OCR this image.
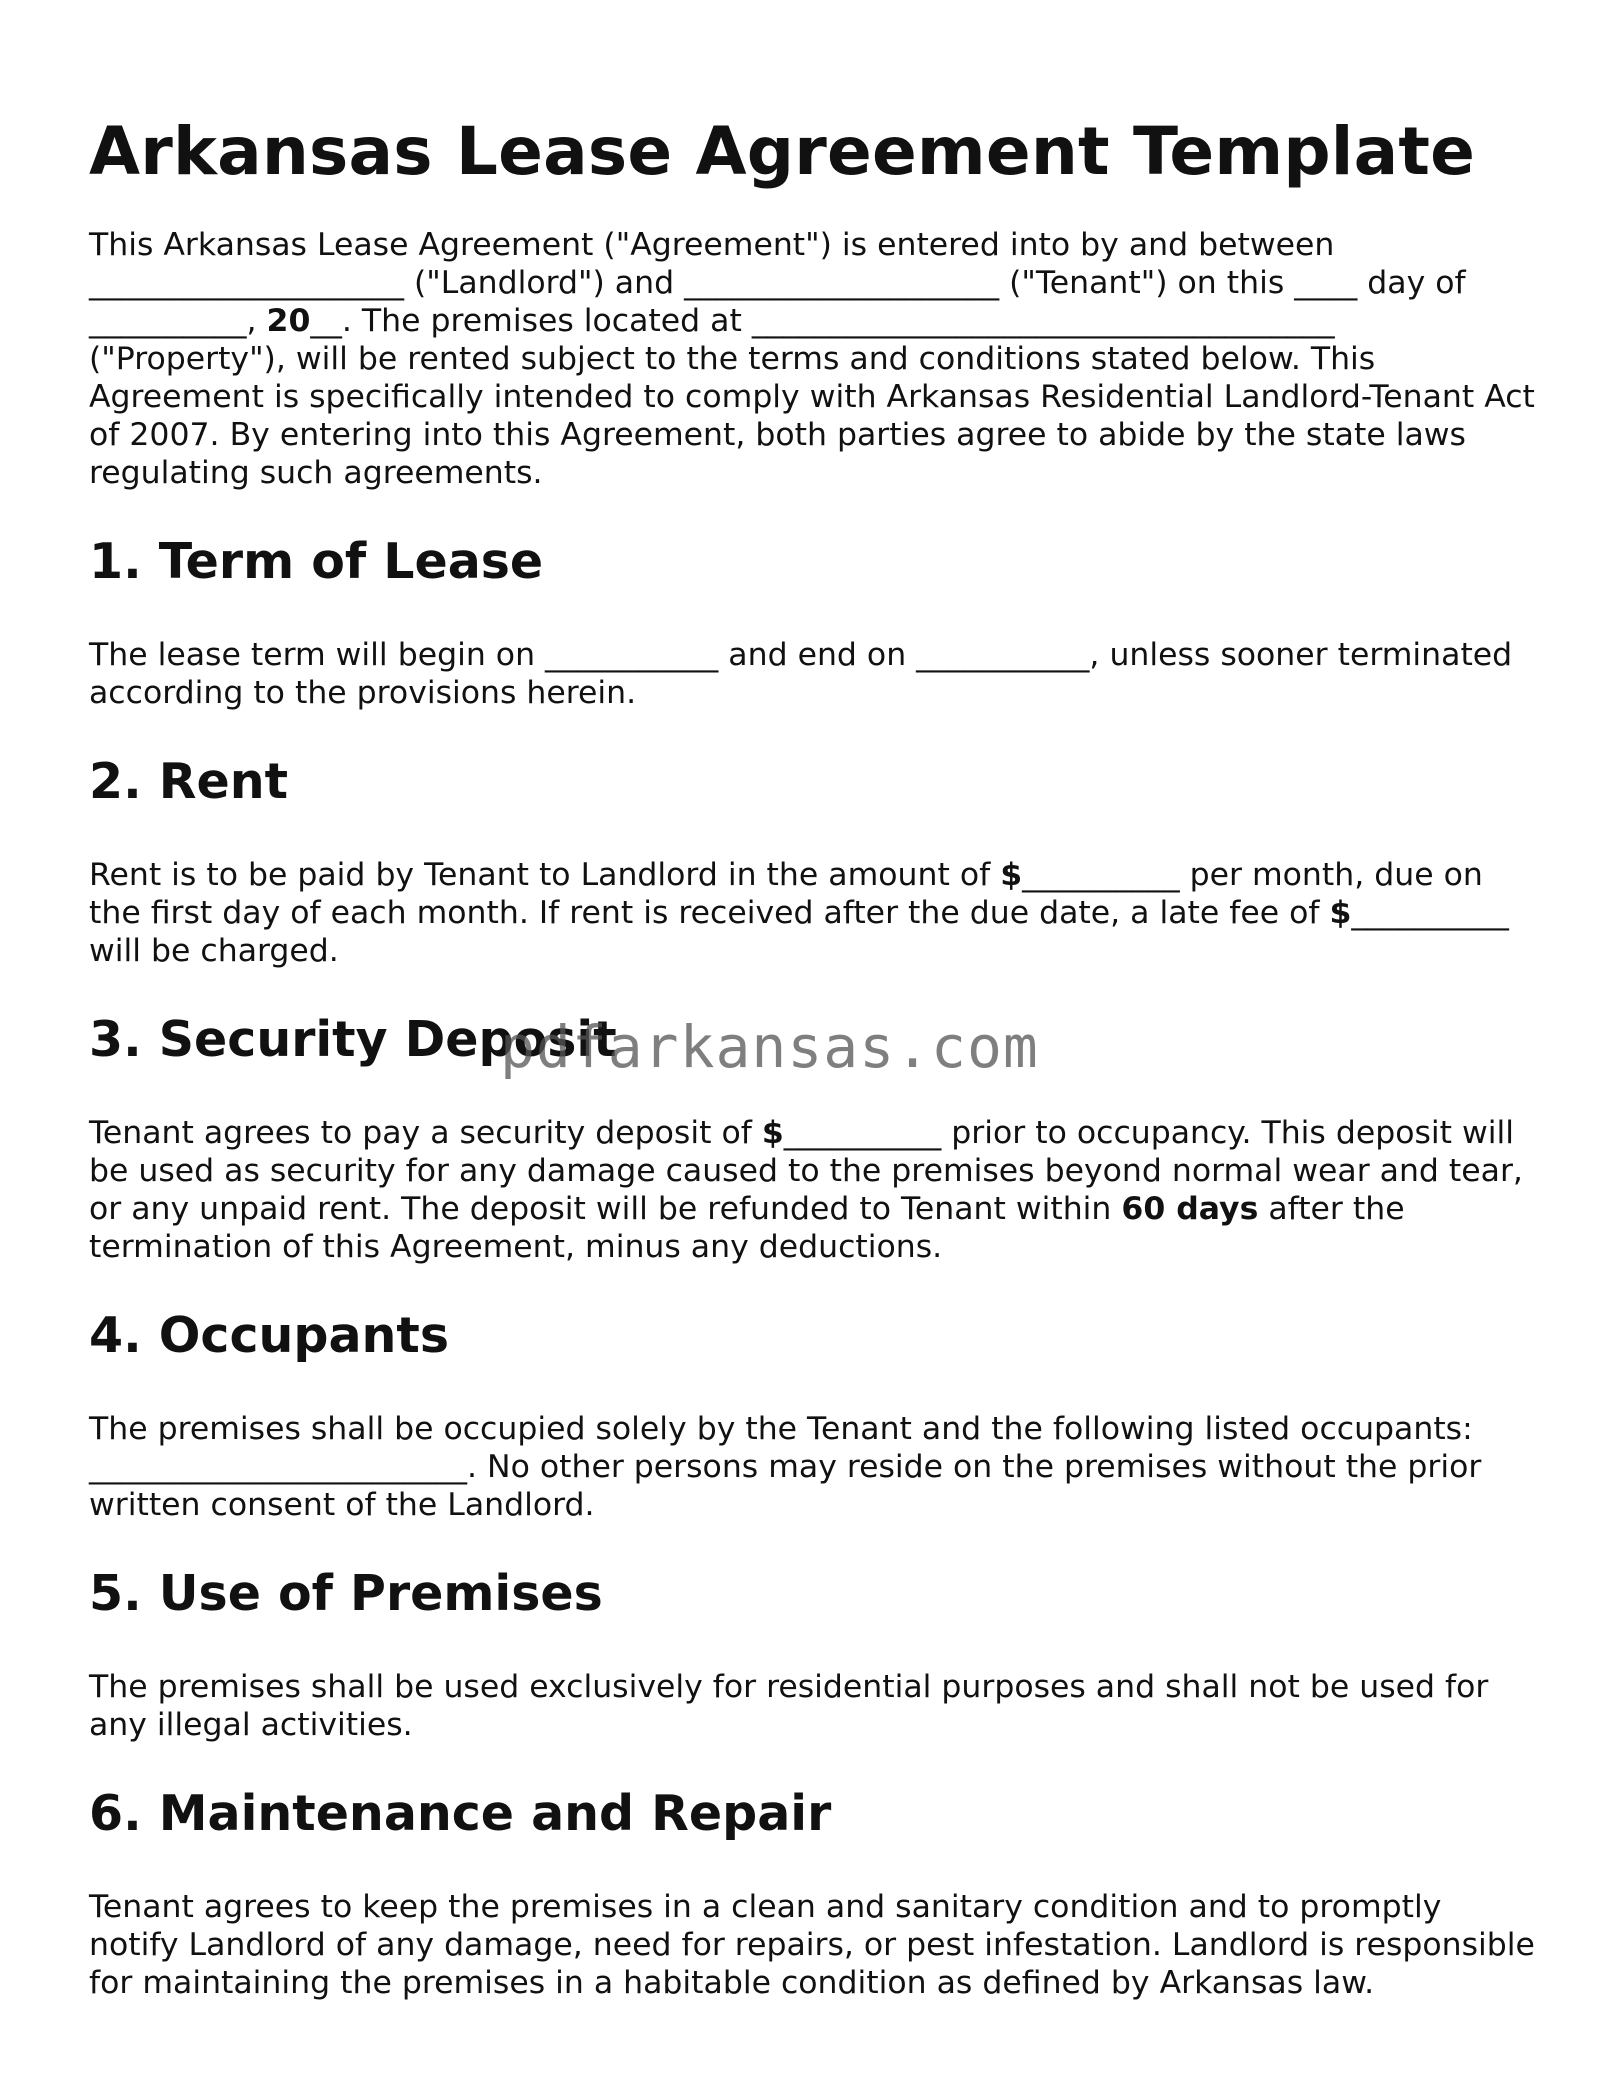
Arkansas Lease Agreement Template

This Arkansas Lease Agreement ("Agreement") is entered into by and between ____________________ ("Landlord") and ____________________ ("Tenant") on this ____ day of __________, 20__. The premises located at _____________________________________ ("Property"), will be rented subject to the terms and conditions stated below. This Agreement is specifically intended to comply with Arkansas Residential Landlord-Tenant Act of 2007. By entering into this Agreement, both parties agree to abide by the state laws regulating such agreements.

1. Term of Lease

The lease term will begin on ___________ and end on ___________, unless sooner terminated according to the provisions herein.

2. Rent

Rent is to be paid by Tenant to Landlord in the amount of $__________ per month, due on the first day of each month. If rent is received after the due date, a late fee of $__________ will be charged.

3. Security Deposit

Tenant agrees to pay a security deposit of $__________ prior to occupancy. This deposit will be used as security for any damage caused to the premises beyond normal wear and tear, or any unpaid rent. The deposit will be refunded to Tenant within 60 days after the termination of this Agreement, minus any deductions.

4. Occupants

The premises shall be occupied solely by the Tenant and the following listed occupants: ________________________. No other persons may reside on the premises without the prior written consent of the Landlord.

5. Use of Premises

The premises shall be used exclusively for residential purposes and shall not be used for any illegal activities.

6. Maintenance and Repair

Tenant agrees to keep the premises in a clean and sanitary condition and to promptly notify Landlord of any damage, need for repairs, or pest infestation. Landlord is responsible for maintaining the premises in a habitable condition as defined by Arkansas law.

pdfarkansas.com
